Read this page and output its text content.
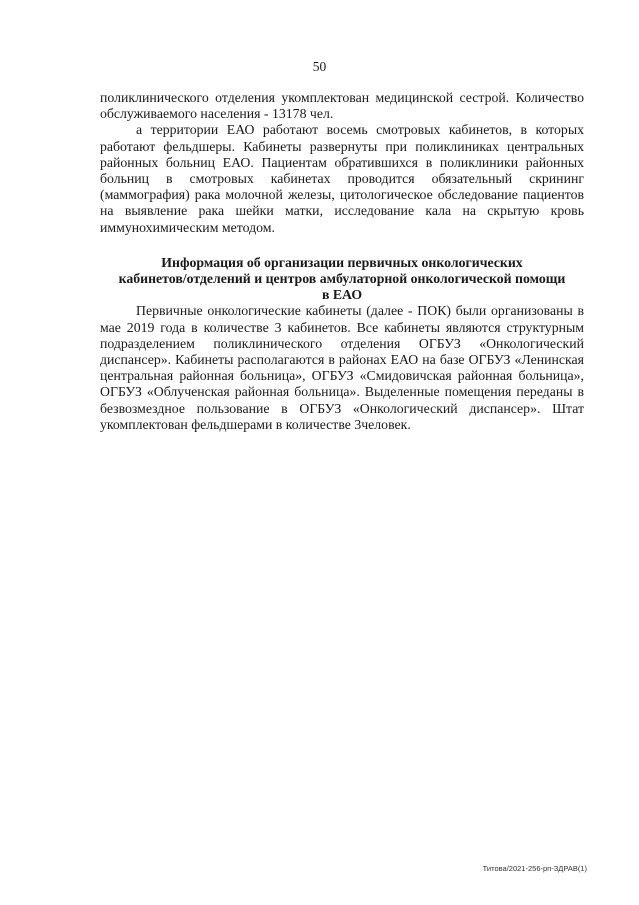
50

поликлинического отделения укомплектован медицинской сестрой. Количество обслуживаемого населения - 13178 чел.

а территории ЕАО работают восемь смотровых кабинетов, в которых работают фельдшеры. Кабинеты развернуты при поликлиниках центральных районных больниц ЕАО. Пациентам обратившихся в поликлиники районных больниц в смотровых кабинетах проводится обязательный скрининг (маммография) рака молочной железы, цитологическое обследование пациентов на выявление рака шейки матки, исследование кала на скрытую кровь иммунохимическим методом.

Информация об организации первичных онкологических
кабинетов/отделений и центров амбулаторной онкологической помощи
в ЕАО

Первичные онкологические кабинеты (далее - ПОК) были организованы в мае 2019 года в количестве 3 кабинетов. Все кабинеты являются структурным подразделением поликлинического отделения ОГБУЗ «Онкологический диспансер». Кабинеты располагаются в районах ЕАО на базе ОГБУЗ «Ленинская центральная районная больница», ОГБУЗ «Смидовичская районная больница», ОГБУЗ «Облученская районная больница». Выделенные помещения переданы в безвозмездное пользование в ОГБУЗ «Онкологический диспансер». Штат укомплектован фельдшерами в количестве 3человек.

Титова/2021-256-рп-ЗДРАВ(1)
